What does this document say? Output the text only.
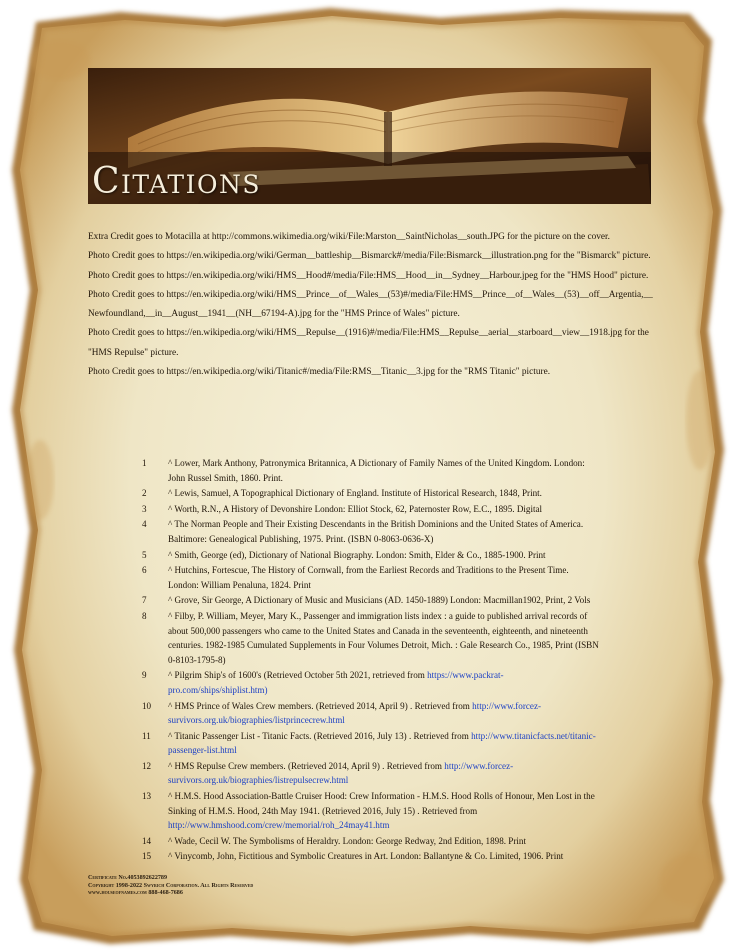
Citations

Extra Credit goes to Motacilla at http://commons.wikimedia.org/wiki/File:Marston__SaintNicholas__south.JPG for the picture on the cover.

Photo Credit goes to https://en.wikipedia.org/wiki/German__battleship__Bismarck#/media/File:Bismarck__illustration.png for the "Bismarck" picture.

Photo Credit goes to https://en.wikipedia.org/wiki/HMS__Hood#/media/File:HMS__Hood__in__Sydney__Harbour.jpeg for the "HMS Hood" picture.

Photo Credit goes to https://en.wikipedia.org/wiki/HMS__Prince__of__Wales__(53)#/media/File:HMS__Prince__of__Wales__(53)__off__Argentia,__Newfoundland,__in__August__1941__(NH__67194-A).jpg for the "HMS Prince of Wales" picture.

Photo Credit goes to https://en.wikipedia.org/wiki/HMS__Repulse__(1916)#/media/File:HMS__Repulse__aerial__starboard__view__1918.jpg for the "HMS Repulse" picture.

Photo Credit goes to https://en.wikipedia.org/wiki/Titanic#/media/File:RMS__Titanic__3.jpg for the "RMS Titanic" picture.

1	^ Lower, Mark Anthony, Patronymica Britannica, A Dictionary of Family Names of the United Kingdom. London: John Russel Smith, 1860. Print.
2	^ Lewis, Samuel, A Topographical Dictionary of England. Institute of Historical Research, 1848, Print.
3	^ Worth, R.N., A History of Devonshire London: Elliot Stock, 62, Paternoster Row, E.C., 1895. Digital
4	^ The Norman People and Their Existing Descendants in the British Dominions and the United States of America. Baltimore: Genealogical Publishing, 1975. Print. (ISBN 0-8063-0636-X)
5	^ Smith, George (ed), Dictionary of National Biography. London: Smith, Elder & Co., 1885-1900. Print
6	^ Hutchins, Fortescue, The History of Cornwall, from the Earliest Records and Traditions to the Present Time. London: William Penaluna, 1824. Print
7	^ Grove, Sir George, A Dictionary of Music and Musicians (AD. 1450-1889) London: Macmillan1902, Print, 2 Vols
8	^ Filby, P. William, Meyer, Mary K., Passenger and immigration lists index : a guide to published arrival records of about 500,000 passengers who came to the United States and Canada in the seventeenth, eighteenth, and nineteenth centuries. 1982-1985 Cumulated Supplements in Four Volumes Detroit, Mich. : Gale Research Co., 1985, Print (ISBN 0-8103-1795-8)
9	^ Pilgrim Ship's of 1600's (Retrieved October 5th 2021, retrieved from https://www.packrat-pro.com/ships/shiplist.htm)
10	^ HMS Prince of Wales Crew members. (Retrieved 2014, April 9) . Retrieved from http://www.forcez-survivors.org.uk/biographies/listprincecrew.html
11	^ Titanic Passenger List - Titanic Facts. (Retrieved 2016, July 13) . Retrieved from http://www.titanicfacts.net/titanic-passenger-list.html
12	^ HMS Repulse Crew members. (Retrieved 2014, April 9) . Retrieved from http://www.forcez-survivors.org.uk/biographies/listrepulsecrew.html
13	^ H.M.S. Hood Association-Battle Cruiser Hood: Crew Information - H.M.S. Hood Rolls of Honour, Men Lost in the Sinking of H.M.S. Hood, 24th May 1941. (Retrieved 2016, July 15) . Retrieved from http://www.hmshood.com/crew/memorial/roh_24may41.htm
14	^ Wade, Cecil W. The Symbolisms of Heraldry. London: George Redway, 2nd Edition, 1898. Print
15	^ Vinycomb, John, Fictitious and Symbolic Creatures in Art. London: Ballantyne & Co. Limited, 1906. Print
Certificate No.4053892622789
Copyright 1998-2022 Swyrich Corporation. All Rights Reserved
www.houseofnames.com 888-468-7686
